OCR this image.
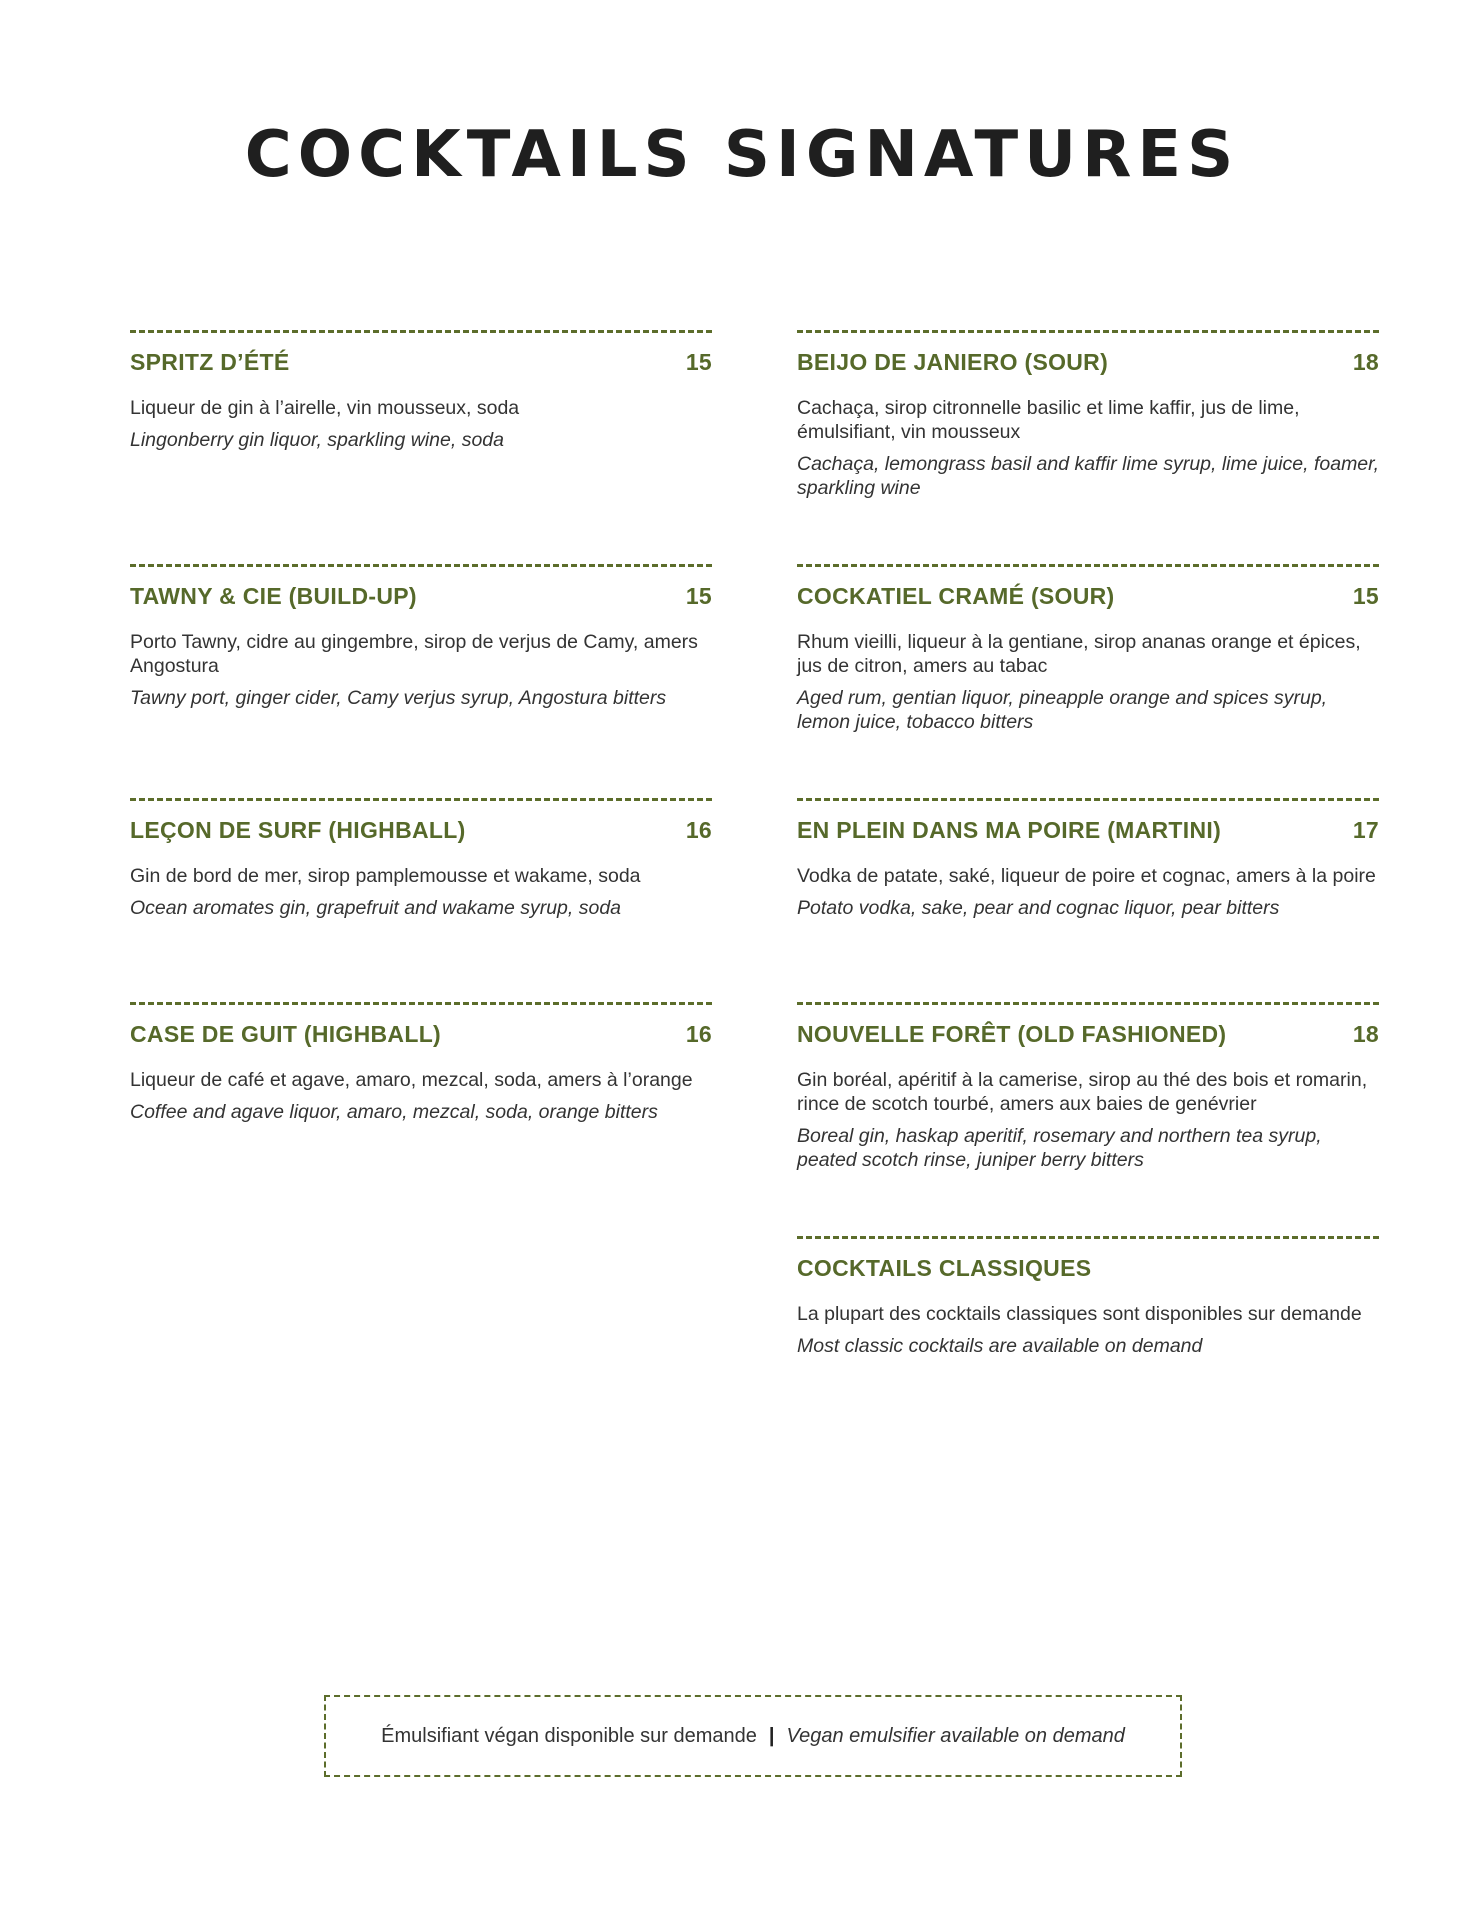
COCKTAILS SIGNATURES
SPRITZ D’ÉTÉ	15
Liqueur de gin à l’airelle, vin mousseux, soda
Lingonberry gin liquor, sparkling wine, soda
TAWNY & CIE (BUILD-UP)	15
Porto Tawny, cidre au gingembre, sirop de verjus de Camy, amers Angostura
Tawny port, ginger cider, Camy verjus syrup, Angostura bitters
LEÇON DE SURF (HIGHBALL)	16
Gin de bord de mer, sirop pamplemousse et wakame, soda
Ocean aromates gin, grapefruit and wakame syrup, soda
CASE DE GUIT (HIGHBALL)	16
Liqueur de café et agave, amaro, mezcal, soda, amers à l’orange
Coffee and agave liquor, amaro, mezcal, soda, orange bitters
BEIJO DE JANIERO (SOUR)	18
Cachaça, sirop citronnelle basilic et lime kaffir, jus de lime, émulsifiant, vin mousseux
Cachaça, lemongrass basil and kaffir lime syrup, lime juice, foamer, sparkling wine
COCKATIEL CRAMÉ (SOUR)	15
Rhum vieilli, liqueur à la gentiane, sirop ananas orange et épices, jus de citron, amers au tabac
Aged rum, gentian liquor, pineapple orange and spices syrup, lemon juice, tobacco bitters
EN PLEIN DANS MA POIRE (MARTINI)	17
Vodka de patate, saké, liqueur de poire et cognac, amers à la poire
Potato vodka, sake, pear and cognac liquor, pear bitters
NOUVELLE FORÊT (OLD FASHIONED)	18
Gin boréal, apéritif à la camerise, sirop au thé des bois et romarin, rince de scotch tourbé, amers aux baies de genévrier
Boreal gin, haskap aperitif, rosemary and northern tea syrup, peated scotch rinse, juniper berry bitters
COCKTAILS CLASSIQUES
La plupart des cocktails classiques sont disponibles sur demande
Most classic cocktails are available on demand
Émulsifiant végan disponible sur demande | Vegan emulsifier available on demand
